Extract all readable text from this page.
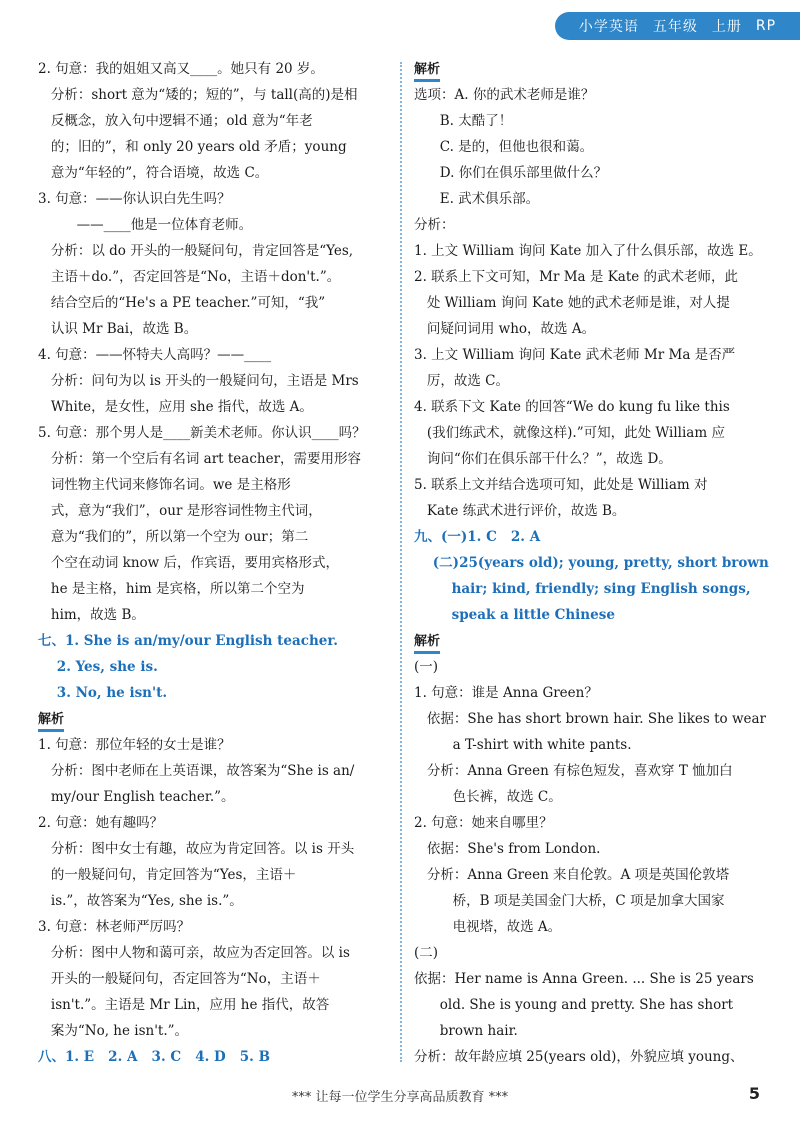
小学英语 五年级 上册 RP
2. 句意：我的姐姐又高又____。她只有 20 岁。
分析：short 意为“矮的；短的”，与 tall(高的)是相
反概念，放入句中逻辑不通；old 意为“年老
的；旧的”，和 only 20 years old 矛盾；young
意为“年轻的”，符合语境，故选 C。
3. 句意：——你认识白先生吗？
——____他是一位体育老师。
分析：以 do 开头的一般疑问句，肯定回答是“Yes,
主语＋do.”，否定回答是“No，主语＋don't.”。
结合空后的“He's a PE teacher.”可知，“我”
认识 Mr Bai，故选 B。
4. 句意：——怀特夫人高吗？——____
分析：问句为以 is 开头的一般疑问句，主语是 Mrs
White，是女性，应用 she 指代，故选 A。
5. 句意：那个男人是____新美术老师。你认识____吗？
分析：第一个空后有名词 art teacher，需要用形容
词性物主代词来修饰名词。we 是主格形
式，意为“我们”，our 是形容词性物主代词，
意为“我们的”，所以第一个空为 our；第二
个空在动词 know 后，作宾语，要用宾格形式，
he 是主格，him 是宾格，所以第二个空为
him，故选 B。
七、1. She is an/my/our English teacher.
2. Yes, she is.
3. No, he isn't.
解析
1. 句意：那位年轻的女士是谁？
分析：图中老师在上英语课，故答案为“She is an/
my/our English teacher.”。
2. 句意：她有趣吗？
分析：图中女士有趣，故应为肯定回答。以 is 开头
的一般疑问句，肯定回答为“Yes，主语＋
is.”，故答案为“Yes, she is.”。
3. 句意：林老师严厉吗？
分析：图中人物和蔼可亲，故应为否定回答。以 is
开头的一般疑问句，否定回答为“No，主语＋
isn't.”。主语是 Mr Lin，应用 he 指代，故答
案为“No, he isn't.”。
八、1. E   2. A   3. C   4. D   5. B
解析
选项：A. 你的武术老师是谁？
B. 太酷了！
C. 是的，但他也很和蔼。
D. 你们在俱乐部里做什么？
E. 武术俱乐部。
分析：
1. 上文 William 询问 Kate 加入了什么俱乐部，故选 E。
2. 联系上下文可知，Mr Ma 是 Kate 的武术老师，此
处 William 询问 Kate 她的武术老师是谁，对人提
问疑问词用 who，故选 A。
3. 上文 William 询问 Kate 武术老师 Mr Ma 是否严
厉，故选 C。
4. 联系下文 Kate 的回答“We do kung fu like this
(我们练武术，就像这样).”可知，此处 William 应
询问“你们在俱乐部干什么？”，故选 D。
5. 联系上文并结合选项可知，此处是 William 对
Kate 练武术进行评价，故选 B。
九、(一)1. C   2. A
(二)25(years old); young, pretty, short brown
hair; kind, friendly; sing English songs,
speak a little Chinese
解析
(一)
1. 句意：谁是 Anna Green？
依据：She has short brown hair. She likes to wear
a T-shirt with white pants.
分析：Anna Green 有棕色短发，喜欢穿 T 恤加白
色长裤，故选 C。
2. 句意：她来自哪里？
依据：She's from London.
分析：Anna Green 来自伦敦。A 项是英国伦敦塔
桥，B 项是美国金门大桥，C 项是加拿大国家
电视塔，故选 A。
(二)
依据：Her name is Anna Green. ... She is 25 years
old. She is young and pretty. She has short
brown hair.
分析：故年龄应填 25(years old)，外貌应填 young、
*** 让每一位学生分享高品质教育 ***	5
